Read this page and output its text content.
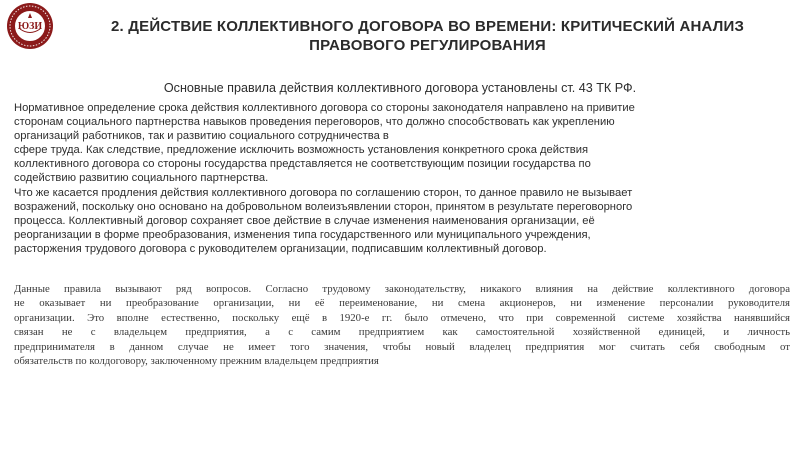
ЮЗИ	2. ДЕЙСТВИЕ КОЛЛЕКТИВНОГО ДОГОВОРА ВО ВРЕМЕНИ: КРИТИЧЕСКИЙ АНАЛИЗ
ПРАВОВОГО РЕГУЛИРОВАНИЯ
Основные правила действия коллективного договора установлены ст. 43 ТК РФ.
Нормативное определение срока действия коллективного договора со стороны законодателя направлено на привитие
сторонам социального партнерства навыков проведения переговоров, что должно способствовать как укреплению
организаций работников, так и развитию социального сотрудничества в
сфере труда. Как следствие, предложение исключить возможность установления конкретного срока действия
коллективного договора со стороны государства представляется не соответствующим позиции государства по
содействию развитию социального партнерства.
Что же касается продления действия коллективного договора по соглашению сторон, то данное правило не вызывает
возражений, поскольку оно основано на добровольном волеизъявлении сторон, принятом в результате переговорного
процесса. Коллективный договор сохраняет свое действие в случае изменения наименования организации, её
реорганизации в форме преобразования, изменения типа государственного или муниципального учреждения,
расторжения трудового договора с руководителем организации, подписавшим коллективный договор.
Данные правила вызывают ряд вопросов. Согласно трудовому законодательству, никакого влияния на действие коллективного договора
не оказывает ни преобразование организации, ни её переименование, ни смена акционеров, ни изменение персоналии руководителя
организации. Это вполне естественно, поскольку ещё в 1920-е гг. было отмечено, что при современной системе хозяйства нанявшийся
связан не с владельцем предприятия, а с самим предприятием как самостоятельной хозяйственной единицей, и личность
предпринимателя в данном случае не имеет того значения, чтобы новый владелец предприятия мог считать себя свободным от
обязательств по колдоговору, заключенному прежним владельцем предприятия
